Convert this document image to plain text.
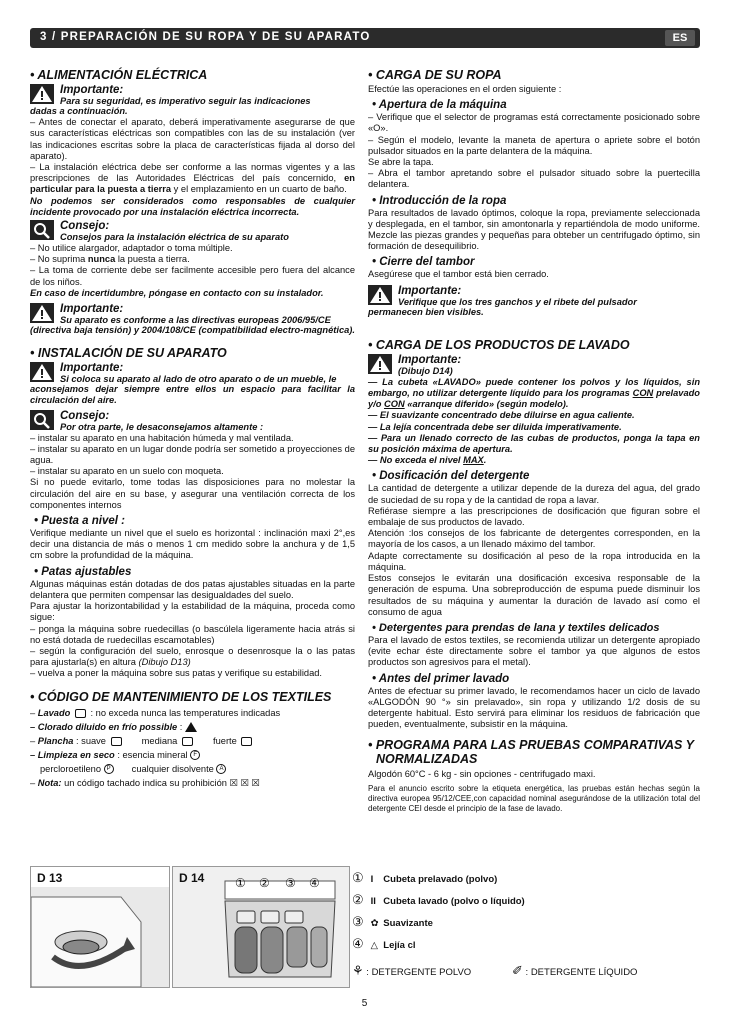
3 / PREPARACIÓN DE SU ROPA Y DE SU APARATO	ES
• ALIMENTACIÓN ELÉCTRICA
Importante:
Para su seguridad, es imperativo seguir las indicaciones
dadas a continuación.

– Antes de conectar el aparato, deberá imperativamente asegurarse de que sus características eléctricas son compatibles con las de su instalación (ver las indicaciones escritas sobre la placa de características fijada al dorso del aparato).

– La instalación eléctrica debe ser conforme a las normas vigentes y a las prescripciones de las Autoridades Eléctricas del país concernido, en particular para la puesta a tierra y el emplazamiento en un cuarto de baño.

No podemos ser considerados como responsables de cualquier incidente provocado por una instalación eléctrica incorrecta.

Consejo:
Consejos para la instalación eléctrica de su aparato

– No utilice alargador, adaptador o toma múltiple.

– No suprima nunca la puesta a tierra.

– La toma de corriente debe ser facilmente accesible pero fuera del alcance de los niños.

En caso de incertidumbre, póngase en contacto con su instalador.

Importante:
Su aparato es conforme a las directivas europeas 2006/95/CE
(directiva baja tensión) y 2004/108/CE (compatibilidad electro-magnética).
• INSTALACIÓN DE SU APARATO
Importante:
Si coloca su aparato al lado de otro aparato o de un mueble, le
aconsejamos dejar siempre entre ellos un espacio para facilitar la circulación del aire.
Consejo:
Por otra parte, le desaconsejamos altamente :

– instalar su aparato en una habitación húmeda y mal ventilada.

– instalar su aparato en un lugar donde podría ser sometido a proyecciones de agua.

– instalar su aparato en un suelo con moqueta.

Si no puede evitarlo, tome todas las disposiciones para no molestar la circulación del aire en su base, y asegurar una ventilación correcta de los componentes internos

• Puesta a nivel :

Verifique mediante un nivel que el suelo es horizontal : inclinación maxi 2°,es decir una distancia de más o menos 1 cm medido sobre la anchura y de 1,5 cm sobre la profundidad de la máquina.

• Patas ajustables

Algunas máquinas están dotadas de dos patas ajustables situadas en la parte delantera que permiten compensar las desigualdades del suelo.

Para ajustar la horizontabilidad y la estabilidad de la máquina, proceda como sigue:

– ponga la máquina sobre ruedecillas (o bascúlela ligeramente hacia atrás si no está dotada de ruedecillas escamotables)

– según la configuración del suelo, enrosque o desenrosque la o las patas para ajustarla(s) en altura (Dibujo D13)

– vuelva a poner la máquina sobre sus patas y verifique su estabilidad.

• CÓDIGO DE MANTENIMIENTO DE LOS TEXTILES
– Lavado  : no exceda nunca las temperatures indicadas
– Clorado diluido en frío possible :
– Plancha : suave	mediana	fuerte
– Limpieza en seco : esencia mineral F
percloroetileno P cualquier disolvente A
– Nota: un código tachado indica su prohibición ☒ ☒ ☒
• CARGA DE SU ROPA

Efectúe las operaciones en el orden siguiente :

• Apertura de la máquina

– Verifique que el selector de programas está correctamente posicionado sobre «O».

– Según el modelo, levante la maneta de apertura o apriete sobre el botón pulsador situados en la parte delantera de la máquina.

Se abre la tapa.

– Abra el tambor apretando sobre el pulsador situado sobre la puertecilla delantera.

• Introducción de la ropa

Para resultados de lavado óptimos, coloque la ropa, previamente seleccionada y desplegada, en el tambor, sin amontonarla y repartiéndola de modo uniforme. Mezcle las piezas grandes y pequeñas para obteber un centrifugado óptimo, sin formación de desequilibrio.

• Cierre del tambor

Asegúrese que el tambor está bien cerrado.

Importante:
Verifique que los tres ganchos y el ribete del pulsador
permanecen bien visibles.
• CARGA DE LOS PRODUCTOS DE LAVADO
Importante:
(Dibujo D14)

— La cubeta «LAVADO» puede contener los polvos y los líquidos, sin embargo, no utilizar detergente líquido para los programas CON prelavado y/o CON «arranque diferido» (según modelo).

— El suavizante concentrado debe diluirse en agua caliente.

— La lejía concentrada debe ser diluida imperativamente.

— Para un llenado correcto de las cubas de productos, ponga la tapa en su posición máxima de apertura.

— No exceda el nivel MAX.

• Dosificación del detergente

La cantidad de detergente a utilizar depende de la dureza del agua, del grado de suciedad de su ropa y de la cantidad de ropa a lavar.

Refiérase siempre a las prescripciones de dosificación que figuran sobre el embalaje de sus productos de lavado.

Atención :los consejos de los fabricante de detergentes corresponden, en la mayoría de los casos, a un llenado máximo del tambor.

Adapte correctamente su dosificación al peso de la ropa introducida en la máquina.

Estos consejos le evitarán una dosificación excesiva responsable de la generación de espuma. Una sobreproducción de espuma puede disminuir los resultados de su máquina y aumentar la duración de lavado así como el consumo de agua

• Detergentes para prendas de lana y textiles delicados

Para el lavado de estos textiles, se recomienda utilizar un detergente apropiado (evite echar éste directamente sobre el tambor ya que algunos de estos productos son agresivos para el metal).

• Antes del primer lavado

Antes de efectuar su primer lavado, le recomendamos hacer un ciclo de lavado «ALGODÓN 90 °» sin prelavado», sin ropa y utilizando 1/2 dosis de su detergente habitual. Esto servirá para eliminar los residuos de fabricación que pueden, eventualmente, subsistir en la máquina.

• PROGRAMA PARA LAS PRUEBAS COMPARATIVAS Y
NORMALIZADAS

Algodón 60°C - 6 kg - sin opciones - centrifugado maxi.

Para el anuncio escrito sobre la etiqueta energética, las pruebas están hechas según la directiva europea 95/12/CEE,con capacidad nominal asegurándose de la utilización total del detergente CEI desde el principio de la fase de lavado.

D 13	D 14	① ② ③ ④ ① I Cubeta prelavado (polvo)
② II Cubeta lavado (polvo o líquido)
③ ✿ Suavizante
④ △ Lejía cl
⚘ : DETERGENTE POLVO	✐ : DETERGENTE LÍQUIDO
5
